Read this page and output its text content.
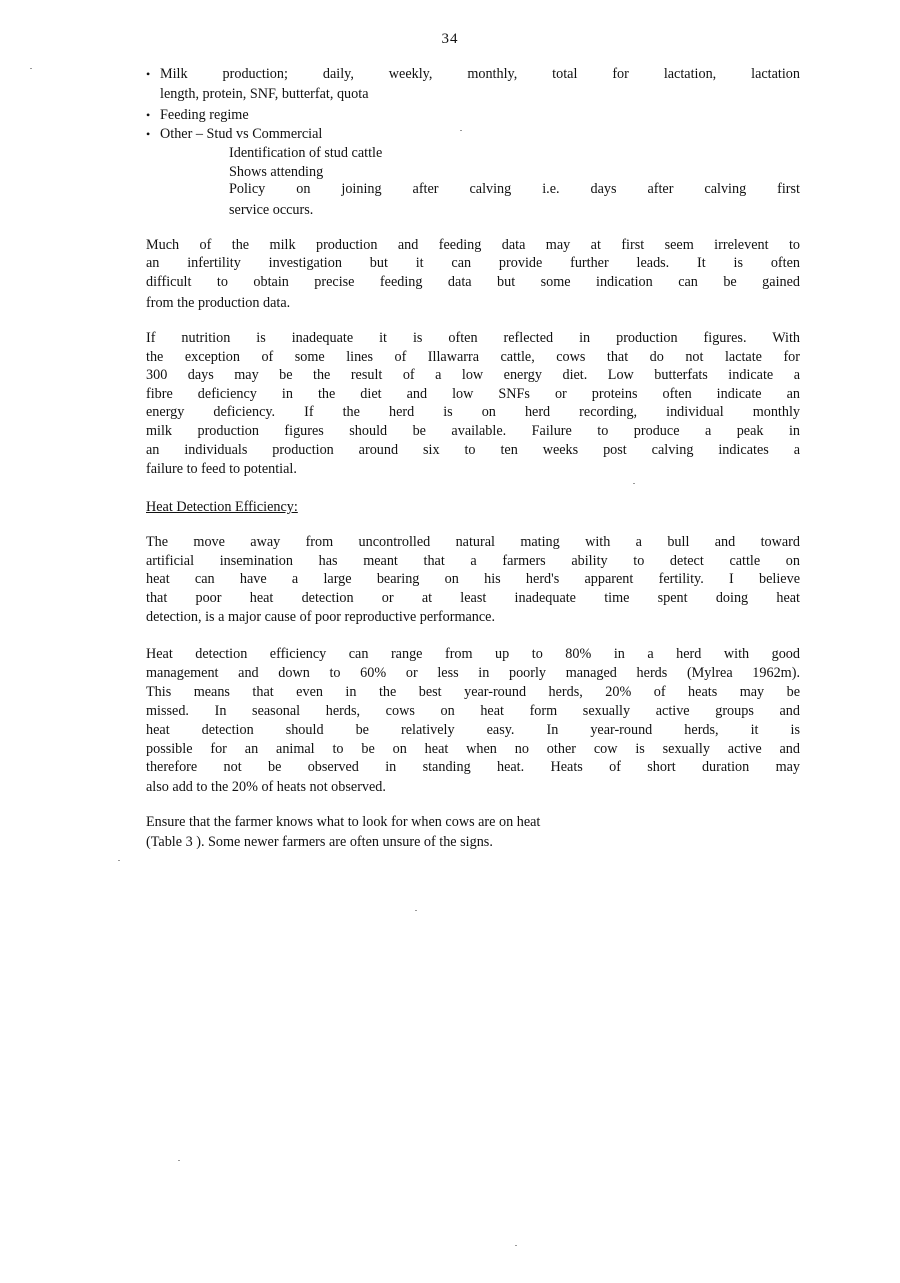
34
• Milk production; daily, weekly, monthly, total for lactation, lactation
length, protein, SNF, butterfat, quota
• Feeding regime
• Other – Stud vs Commercial
Identification of stud cattle
Shows attending
Policy on joining after calving i.e. days after calving first
service occurs.
Much of the milk production and feeding data may at first seem irrelevent to
an infertility investigation but it can provide further leads. It is often
difficult to obtain precise feeding data but some indication can be gained
from the production data.
If nutrition is inadequate it is often reflected in production figures. With
the exception of some lines of Illawarra cattle, cows that do not lactate for
300 days may be the result of a low energy diet. Low butterfats indicate a
fibre deficiency in the diet and low SNFs or proteins often indicate an
energy deficiency. If the herd is on herd recording, individual monthly
milk production figures should be available. Failure to produce a peak in
an individuals production around six to ten weeks post calving indicates a
failure to feed to potential.
Heat Detection Efficiency:
The move away from uncontrolled natural mating with a bull and toward
artificial insemination has meant that a farmers ability to detect cattle on
heat can have a large bearing on his herd's apparent fertility. I believe
that poor heat detection or at least inadequate time spent doing heat
detection, is a major cause of poor reproductive performance.
Heat detection efficiency can range from up to 80% in a herd with good
management and down to 60% or less in poorly managed herds (Mylrea 1962m).
This means that even in the best year-round herds, 20% of heats may be
missed. In seasonal herds, cows on heat form sexually active groups and
heat detection should be relatively easy. In year-round herds, it is
possible for an animal to be on heat when no other cow is sexually active and
therefore not be observed in standing heat. Heats of short duration may
also add to the 20% of heats not observed.
Ensure that the farmer knows what to look for when cows are on heat
(Table 3 ). Some newer farmers are often unsure of the signs.
